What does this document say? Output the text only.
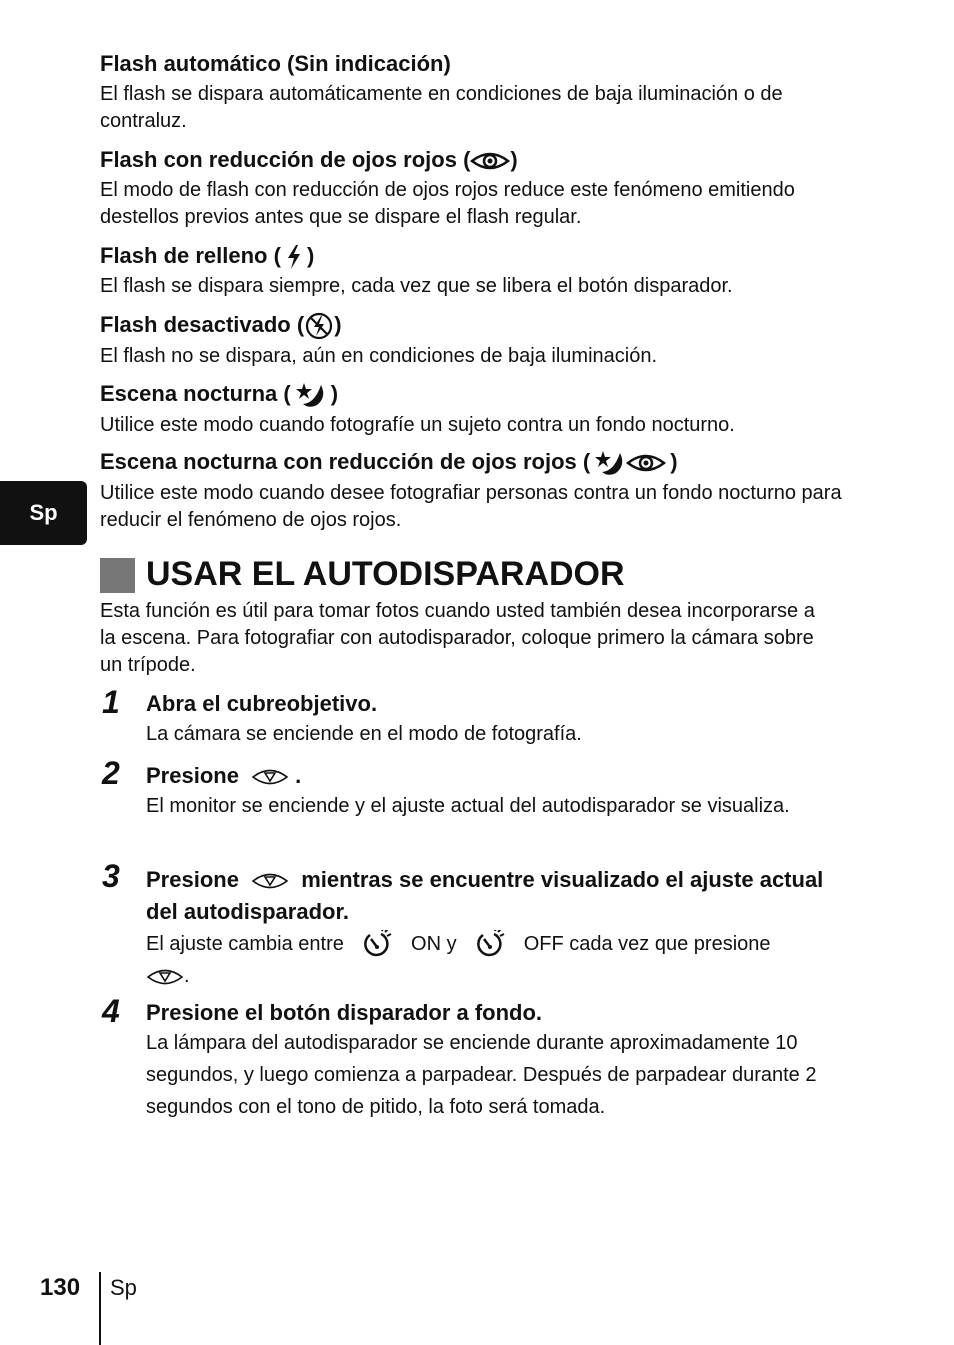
Flash automático (Sin indicación)
El flash se dispara automáticamente en condiciones de baja iluminación o de contraluz.
Flash con reducción de ojos rojos ( )
El modo de flash con reducción de ojos rojos reduce este fenómeno emitiendo destellos previos antes que se dispare el flash regular.
Flash de relleno ( )
El flash se dispara siempre, cada vez que se libera el botón disparador.
Flash desactivado ( )
El flash no se dispara, aún en condiciones de baja iluminación.
Escena nocturna ( )
Utilice este modo cuando fotografíe un sujeto contra un fondo nocturno.
Escena nocturna con reducción de ojos rojos (	)
Utilice este modo cuando desee fotografiar personas contra un fondo nocturno para reducir el fenómeno de ojos rojos.
Sp
USAR EL AUTODISPARADOR
Esta función es útil para tomar fotos cuando usted también desea incorporarse a la escena. Para fotografiar con autodisparador, coloque primero la cámara sobre un trípode.
1 Abra el cubreobjetivo.
La cámara se enciende en el modo de fotografía.
2 Presione	.
El monitor se enciende y el ajuste actual del autodisparador se visualiza.
3 Presione	mientras se encuentre visualizado el ajuste actual del autodisparador.
El ajuste cambia entre	ON y	OFF cada vez que presione
.
4 Presione el botón disparador a fondo.
La lámpara del autodisparador se enciende durante aproximadamente 10 segundos, y luego comienza a parpadear. Después de parpadear durante 2 segundos con el tono de pitido, la foto será tomada.
130 Sp
